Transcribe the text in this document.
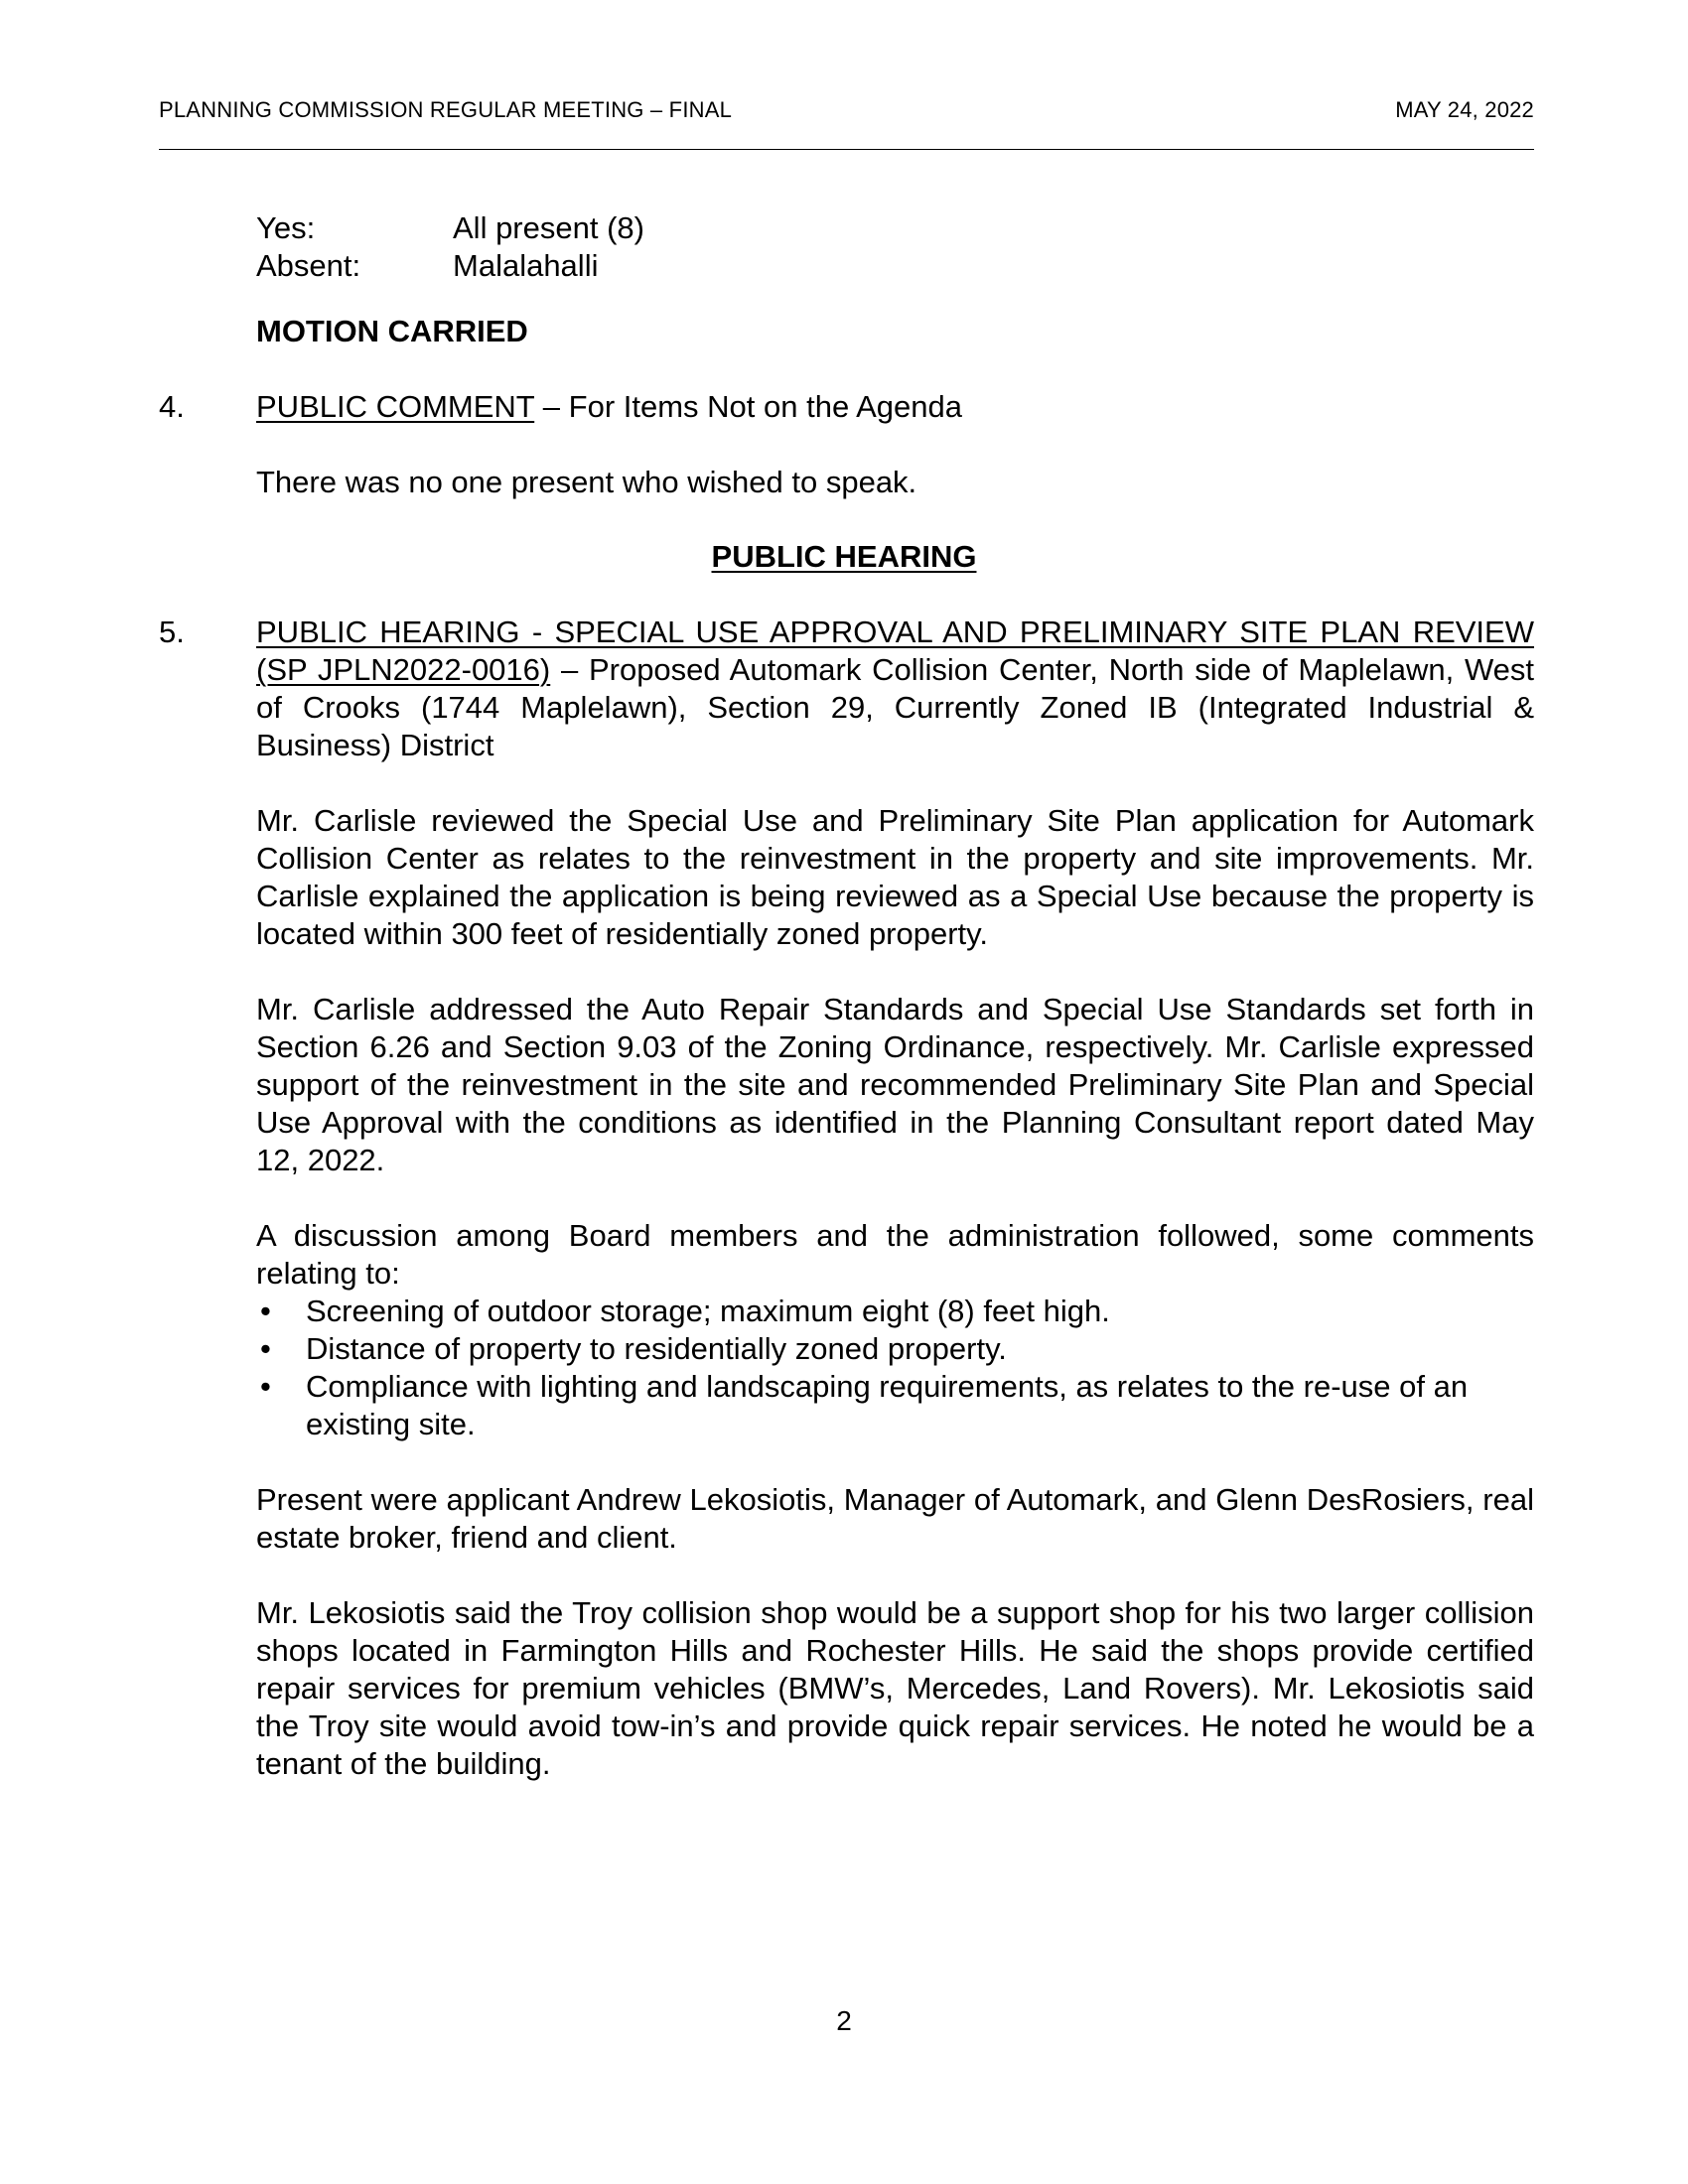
PLANNING COMMISSION REGULAR MEETING – FINAL	MAY 24, 2022
Yes:	All present (8)
Absent:	Malalahalli
MOTION CARRIED
4. PUBLIC COMMENT – For Items Not on the Agenda
There was no one present who wished to speak.
PUBLIC HEARING
5. PUBLIC HEARING - SPECIAL USE APPROVAL AND PRELIMINARY SITE PLAN REVIEW (SP JPLN2022-0016) – Proposed Automark Collision Center, North side of Maplelawn, West of Crooks (1744 Maplelawn), Section 29, Currently Zoned IB (Integrated Industrial & Business) District

Mr. Carlisle reviewed the Special Use and Preliminary Site Plan application for Automark Collision Center as relates to the reinvestment in the property and site improvements. Mr. Carlisle explained the application is being reviewed as a Special Use because the property is located within 300 feet of residentially zoned property.

Mr. Carlisle addressed the Auto Repair Standards and Special Use Standards set forth in Section 6.26 and Section 9.03 of the Zoning Ordinance, respectively. Mr. Carlisle expressed support of the reinvestment in the site and recommended Preliminary Site Plan and Special Use Approval with the conditions as identified in the Planning Consultant report dated May 12, 2022.

A discussion among Board members and the administration followed, some comments relating to:

• Screening of outdoor storage; maximum eight (8) feet high.
• Distance of property to residentially zoned property.
• Compliance with lighting and landscaping requirements, as relates to the re-use of an existing site.

Present were applicant Andrew Lekosiotis, Manager of Automark, and Glenn DesRosiers, real estate broker, friend and client.

Mr. Lekosiotis said the Troy collision shop would be a support shop for his two larger collision shops located in Farmington Hills and Rochester Hills. He said the shops provide certified repair services for premium vehicles (BMW’s, Mercedes, Land Rovers). Mr. Lekosiotis said the Troy site would avoid tow-in’s and provide quick repair services. He noted he would be a tenant of the building.

2
